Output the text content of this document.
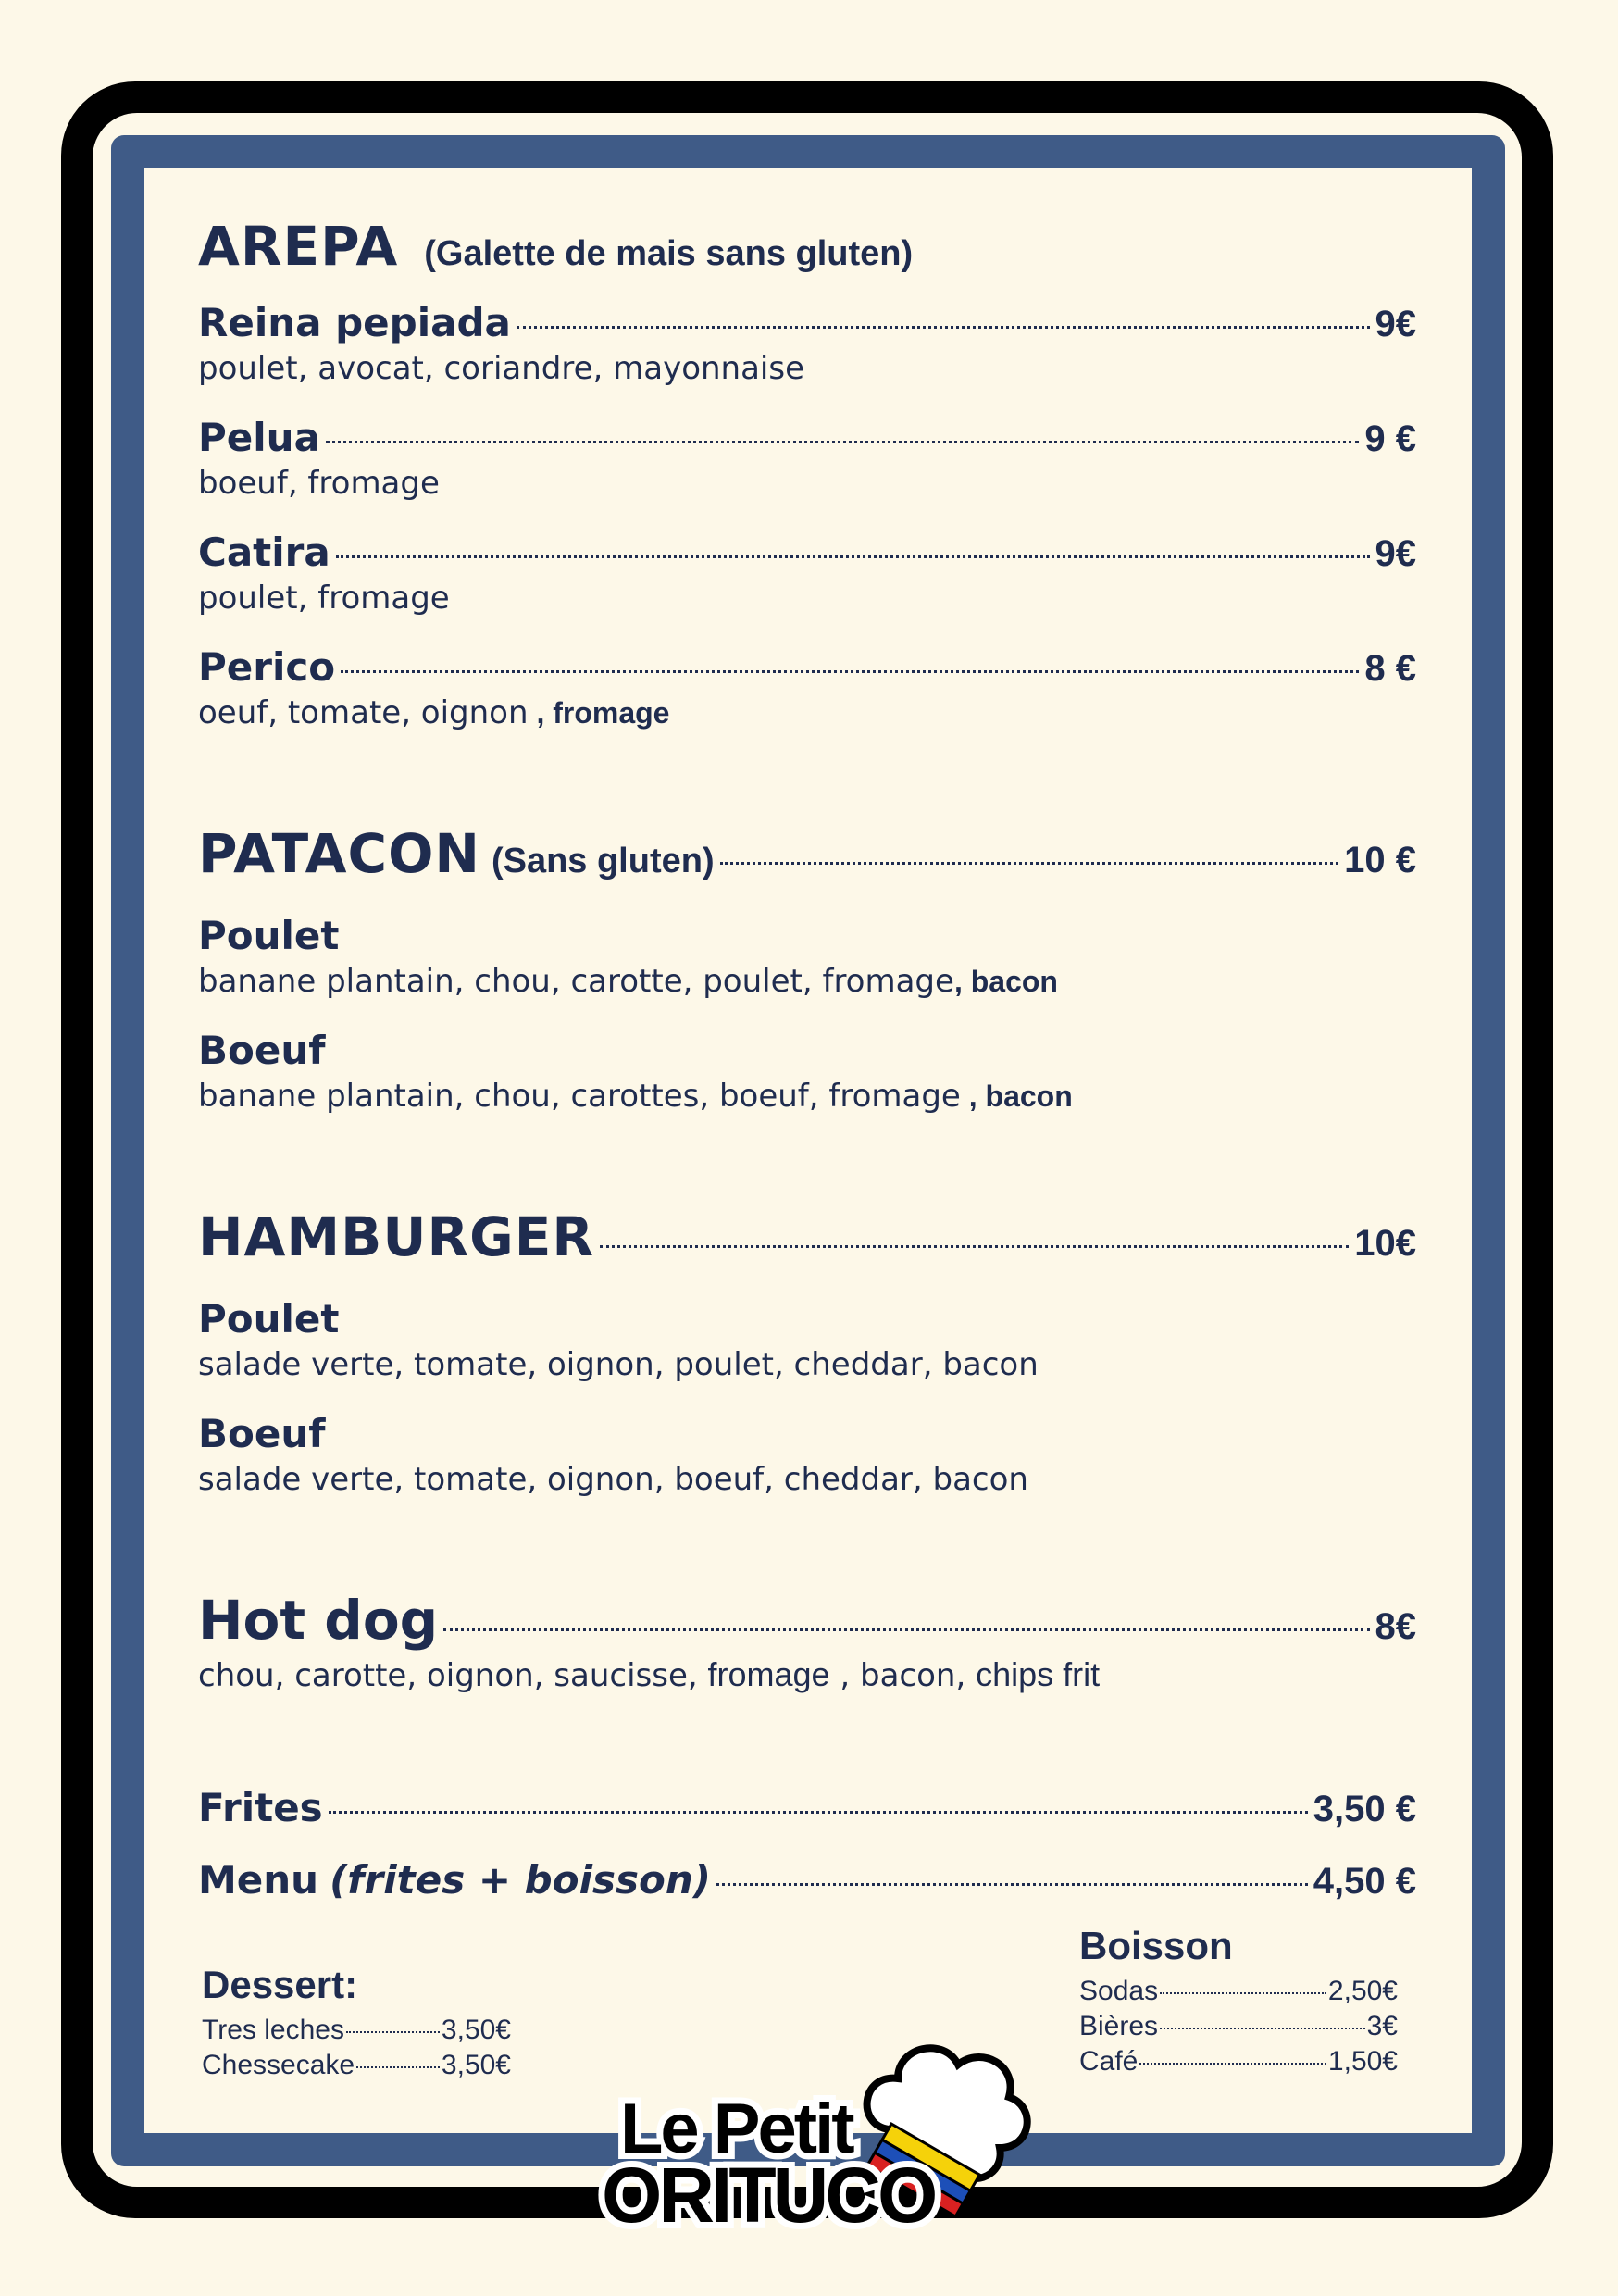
AREPA (Galette de mais sans gluten)
Reina pepiada	9€
poulet, avocat, coriandre, mayonnaise
Pelua	9 €
boeuf, fromage
Catira	9€
poulet, fromage
Perico	8 €
oeuf, tomate, oignon , fromage
PATACON (Sans gluten)	10 €
Poulet
banane plantain, chou, carotte, poulet, fromage, bacon
Boeuf
banane plantain, chou, carottes, boeuf, fromage , bacon
HAMBURGER	10€
Poulet
salade verte, tomate, oignon, poulet, cheddar, bacon
Boeuf
salade verte, tomate, oignon, boeuf, cheddar, bacon
Hot dog	8€
chou, carotte, oignon, saucisse, fromage , bacon, chips frit
Frites	3,50 €
Menu (frites + boisson)	4,50 €
Dessert:
Tres leches	3,50€
Chessecake	3,50€
Boisson
Sodas	2,50€
Bières	3€
Café	1,50€
Le Petit
ORITUCO
